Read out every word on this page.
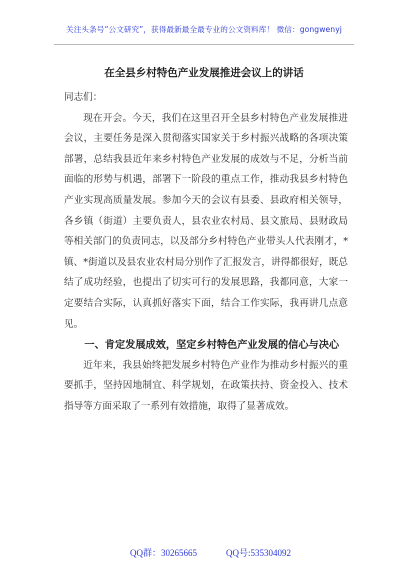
关注头条号“公文研究”，获得最新最全最专业的公文资料库！ 微信：gongwenyj
在全县乡村特色产业发展推进会议上的讲话

同志们：

现在开会。今天，我们在这里召开全县乡村特色产业发展推进会议，主要任务是深入贯彻落实国家关于乡村振兴战略的各项决策部署，总结我县近年来乡村特色产业发展的成效与不足，分析当前面临的形势与机遇，部署下一阶段的重点工作，推动我县乡村特色产业实现高质量发展。参加今天的会议有县委、县政府相关领导，各乡镇（街道）主要负责人，县农业农村局、县文旅局、县财政局等相关部门的负责同志，以及部分乡村特色产业带头人代表刚才，*镇、*街道以及县农业农村局分别作了汇报发言，讲得都很好，既总结了成功经验，也提出了切实可行的发展思路，我都同意，大家一定要结合实际，认真抓好落实下面，结合工作实际，我再讲几点意见。

一、肯定发展成效，坚定乡村特色产业发展的信心与决心

近年来，我县始终把发展乡村特色产业作为推动乡村振兴的重要抓手，坚持因地制宜、科学规划，在政策扶持、资金投入、技术指导等方面采取了一系列有效措施，取得了显著成效。

QQ群：30265665	QQ号:535304092
